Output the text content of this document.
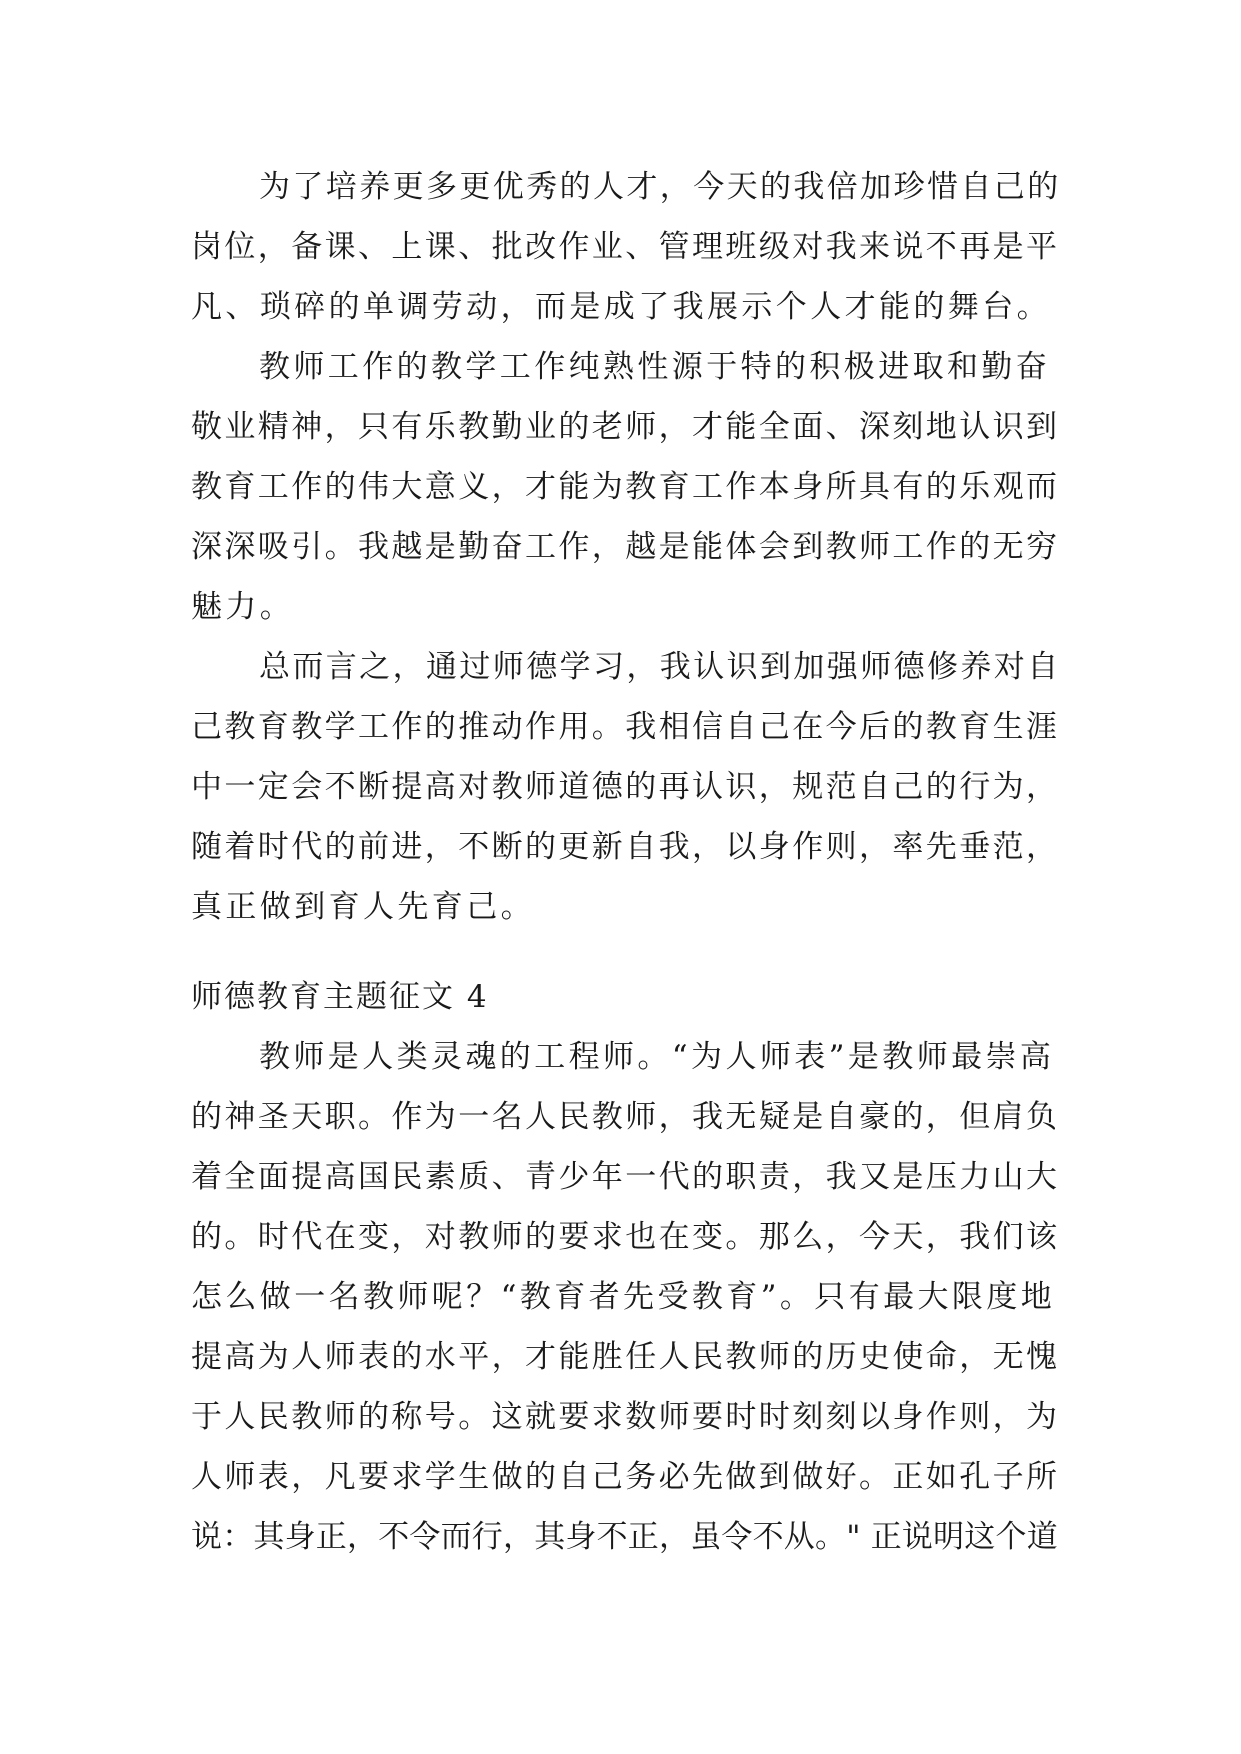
为了培养更多更优秀的人才，今天的我倍加珍惜自己的
岗位，备课、上课、批改作业、管理班级对我来说不再是平
凡、琐碎的单调劳动，而是成了我展示个人才能的舞台。
教师工作的教学工作纯熟性源于特的积极进取和勤奋
敬业精神，只有乐教勤业的老师，才能全面、深刻地认识到
教育工作的伟大意义，才能为教育工作本身所具有的乐观而
深深吸引。我越是勤奋工作，越是能体会到教师工作的无穷
魅力。
总而言之，通过师德学习，我认识到加强师德修养对自
己教育教学工作的推动作用。我相信自己在今后的教育生涯
中一定会不断提高对教师道德的再认识，规范自己的行为，
随着时代的前进，不断的更新自我，以身作则，率先垂范，
真正做到育人先育己。
师德教育主题征文 4
教师是人类灵魂的工程师。“为人师表”是教师最崇高
的神圣天职。作为一名人民教师，我无疑是自豪的，但肩负
着全面提高国民素质、青少年一代的职责，我又是压力山大
的。时代在变，对教师的要求也在变。那么，今天，我们该
怎么做一名教师呢？“教育者先受教育”。只有最大限度地
提高为人师表的水平，才能胜任人民教师的历史使命，无愧
于人民教师的称号。这就要求数师要时时刻刻以身作则，为
人师表，凡要求学生做的自己务必先做到做好。正如孔子所
说：其身正，不令而行，其身不正，虽令不从。" 正说明这个道
